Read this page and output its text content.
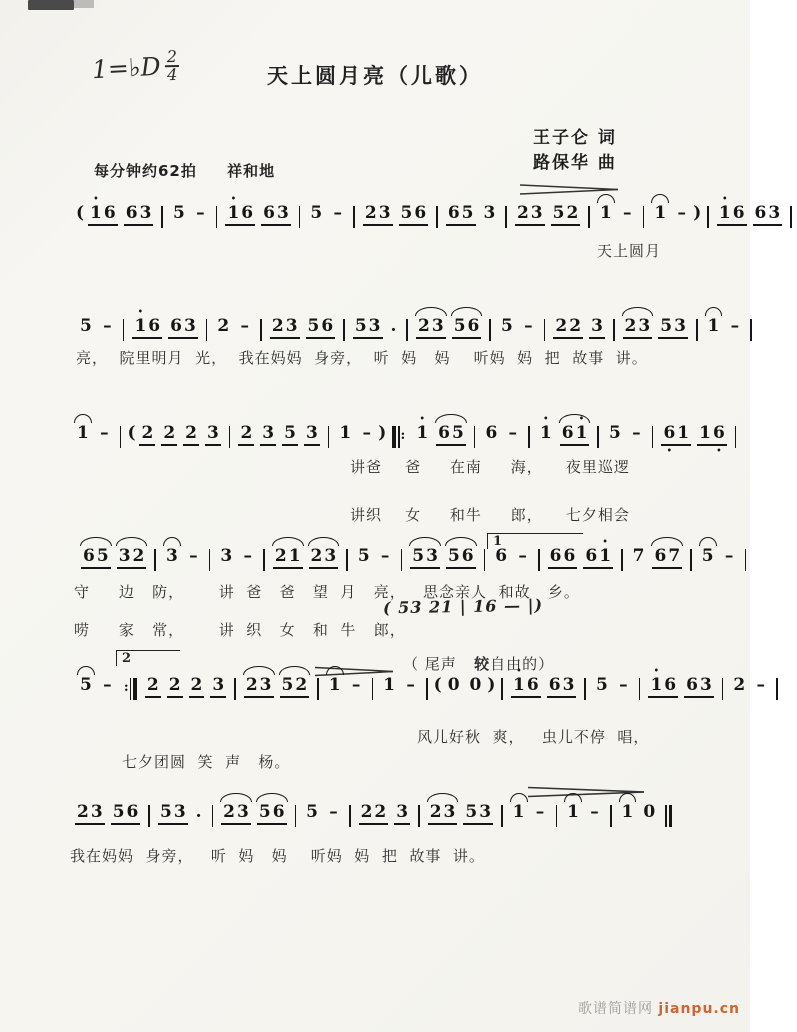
1=♭D $\frac{2}{4}$	天上圆月亮（儿歌）
王子仑 词
路保华 曲
每分钟约62拍 祥和地
( 1 • 6 6 3 5 – 1 • 6 6 3 5 – 2 3 5 6 6 5 3 2 3 5 2 1 – 1 – ) 1 • 6 6 3
5 – 1 • 6 6 3 2 – 2 3 5 6 5 3 . 2 3 5 6 5 – 2 2 3 2 3 5 3 1 –
1 – ( 2 2 2 3 2 3 5 3 1 – ) : 1 • 6 5 6 – 1 • 6 1 • 5 – 6 • 1 1 6 •
6 5 3 2 3 – 3 – 2 1 2 3 5 – 5 3 5 6 6 – 6 6 6 1 • 7 6 7 5 –
5 – : 2 2 2 3 2 3 5 2 1 – 1 – ( 0 0 ) 1 • 6 6 3 5 – 1 • 6 6 3 2 –
2 3 5 6 5 3 . 2 3 5 6 5 – 2 2 3 2 3 5 3 1 – 1 – 1 0
1
2	（ 尾声   较自由的）
( 53 21 | 16 — |)
天上圆月
亮，  院里明月  光，  我在妈妈  身旁，  听  妈   妈    听妈  妈  把  故事  讲。
讲爸    爸     在南     海，    夜里巡逻
讲织    女     和牛     郎，    七夕相会
守     边   防，      讲  爸   爸   望  月   亮，   思念亲人  和故   乡。
唠     家   常，      讲  织   女   和  牛   郎，
风儿好秋  爽，   虫儿不停  唱，
七夕团圆  笑  声   杨。
我在妈妈  身旁，   听  妈   妈    听妈  妈  把  故事  讲。
歌谱简谱网 jianpu.cn
